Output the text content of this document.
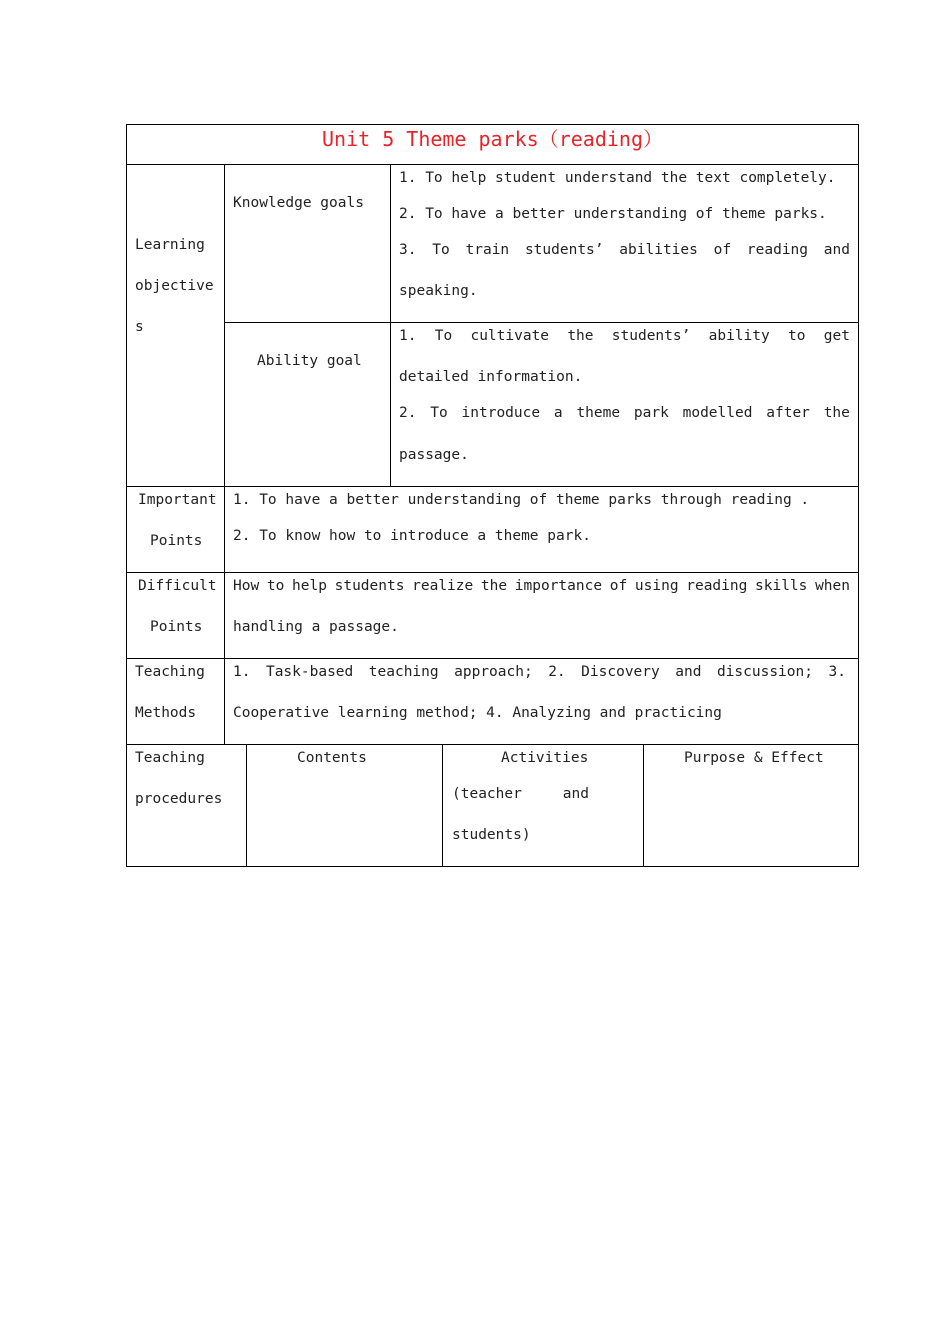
Unit 5 Theme parks（reading）
Learning
objective
s
Knowledge goals
1. To help student understand the text completely.
2. To have a better understanding of theme parks.
3. To train students’ abilities of reading and
speaking.
Ability goal
1. To cultivate the students’ ability to get
detailed information.
2. To introduce a theme park modelled after the
passage.
Important
Points
1. To have a better understanding of theme parks through reading .
2. To know how to introduce a theme park.
Difficult
Points
How to help students realize the importance of using reading skills when
handling a passage.
Teaching
Methods
1. Task-based teaching approach; 2. Discovery and discussion; 3.
Cooperative learning method; 4. Analyzing and practicing
Teaching
procedures
Contents	Activities
(teacher	and
students)
Purpose & Effect
